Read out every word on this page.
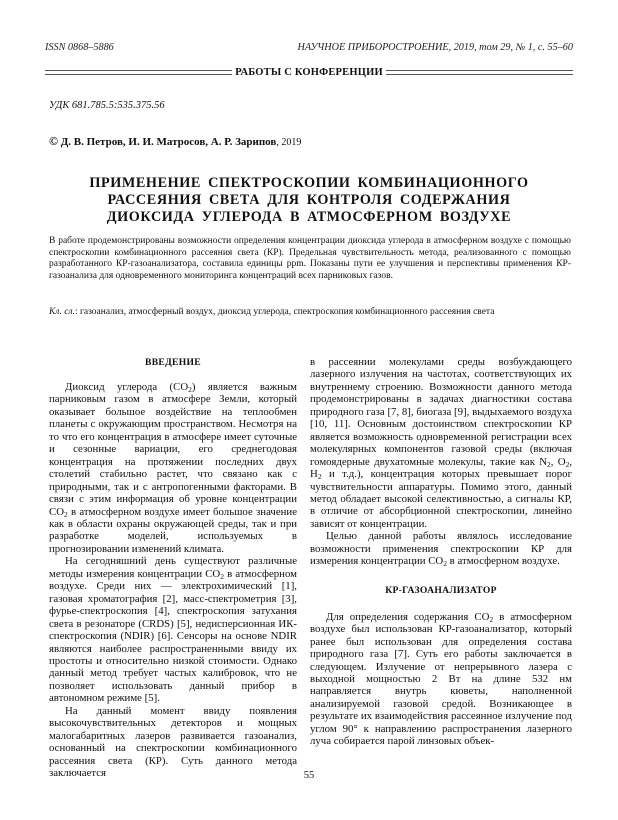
ISSN 0868–5886	НАУЧНОЕ ПРИБОРОСТРОЕНИЕ, 2019, том 29, № 1, с. 55–60
РАБОТЫ С КОНФЕРЕНЦИИ
УДК 681.785.5:535.375.56
© Д. В. Петров, И. И. Матросов, А. Р. Зарипов, 2019
ПРИМЕНЕНИЕ СПЕКТРОСКОПИИ КОМБИНАЦИОННОГО
РАССЕЯНИЯ СВЕТА ДЛЯ КОНТРОЛЯ СОДЕРЖАНИЯ
ДИОКСИДА УГЛЕРОДА В АТМОСФЕРНОМ ВОЗДУХЕ
В работе продемонстрированы возможности определения концентрации диоксида углерода в атмосферном воздухе с помощью спектроскопии комбинационного рассеяния света (КР). Предельная чувствительность метода, реализованного с помощью разработанного КР-газоанализатора, составила единицы ppm. Показаны пути ее улучшения и перспективы применения КР-газоанализа для одновременного мониторинга концентраций всех парниковых газов.
Кл. сл.: газоанализ, атмосферный воздух, диоксид углерода, спектроскопия комбинационного рассеяния света
ВВЕДЕНИЕ

Диоксид углерода $(CO_2)$ является важным парниковым газом в атмосфере Земли, который оказывает большое воздействие на теплообмен планеты с окружающим пространством. Несмотря на то что его концентрация в атмосфере имеет суточные и сезонные вариации, его среднегодовая концентрация на протяжении последних двух столетий стабильно растет, что связано как с природными, так и с антропогенными факторами. В связи с этим информация об уровне концентрации $CO_2$ в атмосферном воздухе имеет большое значение как в области охраны окружающей среды, так и при разработке моделей, используемых в прогнозировании изменений климата.

На сегодняшний день существуют различные методы измерения концентрации $CO_2$ в атмосферном воздухе. Среди них — электрохимический [1], газовая хроматография [2], масс-спектрометрия [3], фурье-спектроскопия [4], спектроскопия затухания света в резонаторе (CRDS) [5], недисперсионная ИК-спектроскопия (NDIR) [6]. Сенсоры на основе NDIR являются наиболее распространенными ввиду их простоты и относительно низкой стоимости. Однако данный метод требует частых калибровок, что не позволяет использовать данный прибор в автономном режиме [5].

На данный момент ввиду появления высокочувствительных детекторов и мощных малогабаритных лазеров развивается газоанализ, основанный на спектроскопии комбинационного рассеяния света (КР). Суть данного метода заключается

в рассеянии молекулами среды возбуждающего лазерного излучения на частотах, соответствующих их внутреннему строению. Возможности данного метода продемонстрированы в задачах диагностики состава природного газа [7, 8], биогаза [9], выдыхаемого воздуха [10, 11]. Основным достоинством спектроскопии КР является возможность одновременной регистрации всех молекулярных компонентов газовой среды (включая гомоядерные двухатомные молекулы, такие как $N_2$, $O_2$, $H_2$ и т.д.), концентрация которых превышает порог чувствительности аппаратуры. Помимо этого, данный метод обладает высокой селективностью, а сигналы КР, в отличие от абсорбционной спектроскопии, линейно зависят от концентрации.

Целью данной работы являлось исследование возможности применения спектроскопии КР для измерения концентрации $CO_2$ в атмосферном воздухе.

КР-ГАЗОАНАЛИЗАТОР

Для определения содержания $CO_2$ в атмосферном воздухе был использован КР-газоанализатор, который ранее был использован для определения состава природного газа [7]. Суть его работы заключается в следующем. Излучение от непрерывного лазера с выходной мощностью 2 Вт на длине 532 нм направляется внутрь кюветы, наполненной анализируемой газовой средой. Возникающее в результате их взаимодействия рассеянное излучение под углом 90° к направлению распространения лазерного луча собирается парой линзовых объек-

55
